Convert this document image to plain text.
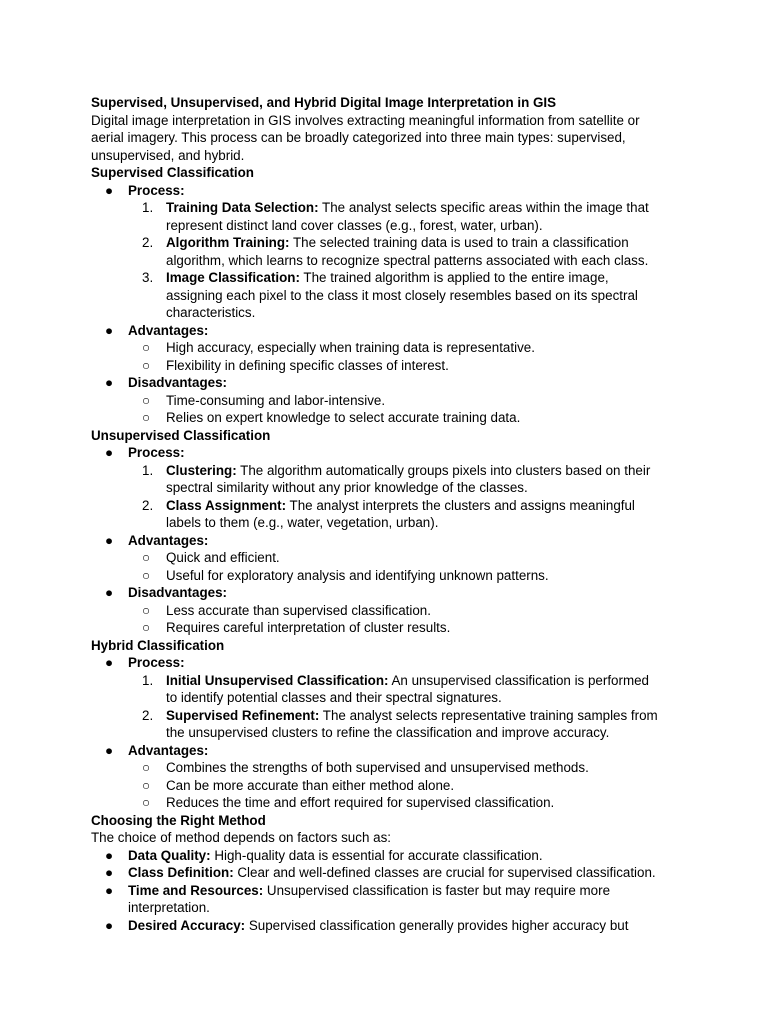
Supervised, Unsupervised, and Hybrid Digital Image Interpretation in GIS
Digital image interpretation in GIS involves extracting meaningful information from satellite or
aerial imagery. This process can be broadly categorized into three main types: supervised,
unsupervised, and hybrid.
Supervised Classification
● Process:
1. Training Data Selection: The analyst selects specific areas within the image that
represent distinct land cover classes (e.g., forest, water, urban).
2. Algorithm Training: The selected training data is used to train a classification
algorithm, which learns to recognize spectral patterns associated with each class.
3. Image Classification: The trained algorithm is applied to the entire image,
assigning each pixel to the class it most closely resembles based on its spectral
characteristics.
● Advantages:
○ High accuracy, especially when training data is representative.
○ Flexibility in defining specific classes of interest.
● Disadvantages:
○ Time-consuming and labor-intensive.
○ Relies on expert knowledge to select accurate training data.
Unsupervised Classification
● Process:
1. Clustering: The algorithm automatically groups pixels into clusters based on their
spectral similarity without any prior knowledge of the classes.
2. Class Assignment: The analyst interprets the clusters and assigns meaningful
labels to them (e.g., water, vegetation, urban).
● Advantages:
○ Quick and efficient.
○ Useful for exploratory analysis and identifying unknown patterns.
● Disadvantages:
○ Less accurate than supervised classification.
○ Requires careful interpretation of cluster results.
Hybrid Classification
● Process:
1. Initial Unsupervised Classification: An unsupervised classification is performed
to identify potential classes and their spectral signatures.
2. Supervised Refinement: The analyst selects representative training samples from
the unsupervised clusters to refine the classification and improve accuracy.
● Advantages:
○ Combines the strengths of both supervised and unsupervised methods.
○ Can be more accurate than either method alone.
○ Reduces the time and effort required for supervised classification.
Choosing the Right Method
The choice of method depends on factors such as:
● Data Quality: High-quality data is essential for accurate classification.
● Class Definition: Clear and well-defined classes are crucial for supervised classification.
● Time and Resources: Unsupervised classification is faster but may require more
interpretation.
● Desired Accuracy: Supervised classification generally provides higher accuracy but
